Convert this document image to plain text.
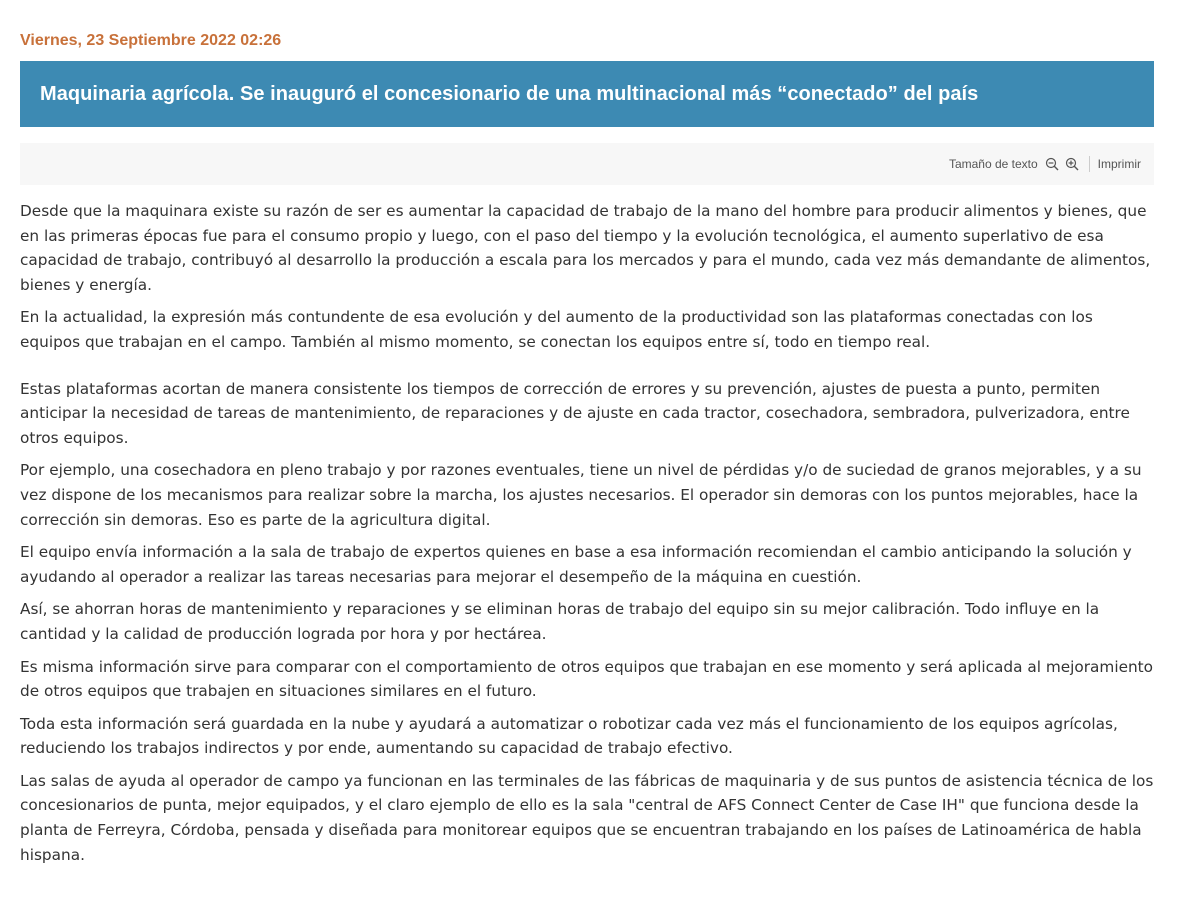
Viernes, 23 Septiembre 2022 02:26
Maquinaria agrícola. Se inauguró el concesionario de una multinacional más “conectado” del país
Tamaño de texto	Imprimir

Desde que la maquinara existe su razón de ser es aumentar la capacidad de trabajo de la mano del hombre para producir alimentos y bienes, que en las primeras épocas fue para el consumo propio y luego, con el paso del tiempo y la evolución tecnológica, el aumento superlativo de esa capacidad de trabajo, contribuyó al desarrollo la producción a escala para los mercados y para el mundo, cada vez más demandante de alimentos, bienes y energía.

En la actualidad, la expresión más contundente de esa evolución y del aumento de la productividad son las plataformas conectadas con los equipos que trabajan en el campo. También al mismo momento, se conectan los equipos entre sí, todo en tiempo real.

Estas plataformas acortan de manera consistente los tiempos de corrección de errores y su prevención, ajustes de puesta a punto, permiten anticipar la necesidad de tareas de mantenimiento, de reparaciones y de ajuste en cada tractor, cosechadora, sembradora, pulverizadora, entre otros equipos.

Por ejemplo, una cosechadora en pleno trabajo y por razones eventuales, tiene un nivel de pérdidas y/o de suciedad de granos mejorables, y a su vez dispone de los mecanismos para realizar sobre la marcha, los ajustes necesarios. El operador sin demoras con los puntos mejorables, hace la corrección sin demoras. Eso es parte de la agricultura digital.

El equipo envía información a la sala de trabajo de expertos quienes en base a esa información recomiendan el cambio anticipando la solución y ayudando al operador a realizar las tareas necesarias para mejorar el desempeño de la máquina en cuestión.

Así, se ahorran horas de mantenimiento y reparaciones y se eliminan horas de trabajo del equipo sin su mejor calibración. Todo influye en la cantidad y la calidad de producción lograda por hora y por hectárea.

Es misma información sirve para comparar con el comportamiento de otros equipos que trabajan en ese momento y será aplicada al mejoramiento de otros equipos que trabajen en situaciones similares en el futuro.

Toda esta información será guardada en la nube y ayudará a automatizar o robotizar cada vez más el funcionamiento de los equipos agrícolas, reduciendo los trabajos indirectos y por ende, aumentando su capacidad de trabajo efectivo.

Las salas de ayuda al operador de campo ya funcionan en las terminales de las fábricas de maquinaria y de sus puntos de asistencia técnica de los concesionarios de punta, mejor equipados, y el claro ejemplo de ello es la sala "central de AFS Connect Center de Case IH" que funciona desde la planta de Ferreyra, Córdoba, pensada y diseñada para monitorear equipos que se encuentran trabajando en los países de Latinoamérica de habla hispana.
